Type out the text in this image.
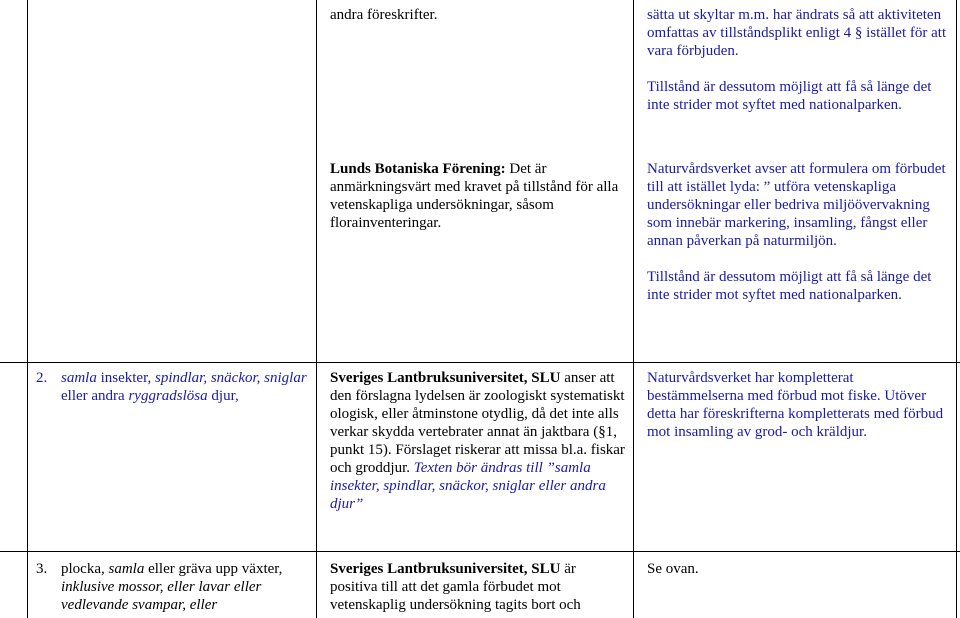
andra föreskrifter.	sätta ut skyltar m.m. har ändrats så att aktiviteten omfattas av tillståndsplikt enligt 4 § istället för att vara förbjuden.

Tillstånd är dessutom möjligt att få så länge det inte strider mot syftet med nationalparken.

Lunds Botaniska Förening: Det är anmärkningsvärt med kravet på tillstånd för alla vetenskapliga undersökningar, såsom florainventeringar.

Naturvårdsverket avser att formulera om förbudet till att istället lyda: ” utföra vetenskapliga undersökningar eller bedriva miljöövervakning som innebär markering, insamling, fångst eller annan påverkan på naturmiljön.

Tillstånd är dessutom möjligt att få så länge det inte strider mot syftet med nationalparken.

2. samla insekter, spindlar, snäckor, sniglar eller andra ryggradslösa djur,

Sveriges Lantbruksuniversitet, SLU anser att den förslagna lydelsen är zoologiskt systematiskt ologisk, eller åtminstone otydlig, då det inte alls verkar skydda vertebrater annat än jaktbara (§1, punkt 15). Förslaget riskerar att missa bl.a. fiskar och groddjur. Texten bör ändras till ”samla insekter, spindlar, snäckor, sniglar eller andra djur”

Naturvårdsverket har kompletterat bestämmelserna med förbud mot fiske. Utöver detta har föreskrifterna kompletterats med förbud mot insamling av grod- och kräldjur.

3. plocka, samla eller gräva upp växter, inklusive mossor, eller lavar eller vedlevande svampar, eller

Sveriges Lantbruksuniversitet, SLU är positiva till att det gamla förbudet mot vetenskaplig undersökning tagits bort och

Se ovan.
